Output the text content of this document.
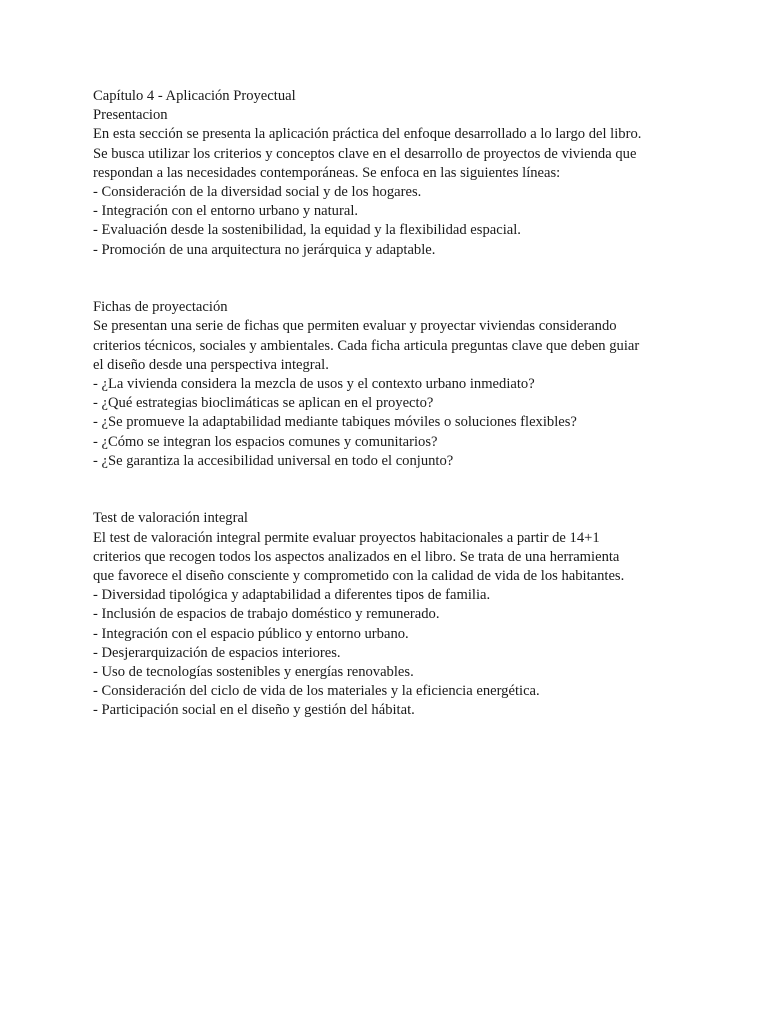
Capítulo 4 - Aplicación Proyectual
Presentacion
En esta sección se presenta la aplicación práctica del enfoque desarrollado a lo largo del libro.
Se busca utilizar los criterios y conceptos clave en el desarrollo de proyectos de vivienda que
respondan a las necesidades contemporáneas. Se enfoca en las siguientes líneas:
- Consideración de la diversidad social y de los hogares.
- Integración con el entorno urbano y natural.
- Evaluación desde la sostenibilidad, la equidad y la flexibilidad espacial.
- Promoción de una arquitectura no jerárquica y adaptable.
Fichas de proyectación
Se presentan una serie de fichas que permiten evaluar y proyectar viviendas considerando
criterios técnicos, sociales y ambientales. Cada ficha articula preguntas clave que deben guiar
el diseño desde una perspectiva integral.
- ¿La vivienda considera la mezcla de usos y el contexto urbano inmediato?
- ¿Qué estrategias bioclimáticas se aplican en el proyecto?
- ¿Se promueve la adaptabilidad mediante tabiques móviles o soluciones flexibles?
- ¿Cómo se integran los espacios comunes y comunitarios?
- ¿Se garantiza la accesibilidad universal en todo el conjunto?
Test de valoración integral
El test de valoración integral permite evaluar proyectos habitacionales a partir de 14+1
criterios que recogen todos los aspectos analizados en el libro. Se trata de una herramienta
que favorece el diseño consciente y comprometido con la calidad de vida de los habitantes.
- Diversidad tipológica y adaptabilidad a diferentes tipos de familia.
- Inclusión de espacios de trabajo doméstico y remunerado.
- Integración con el espacio público y entorno urbano.
- Desjerarquización de espacios interiores.
- Uso de tecnologías sostenibles y energías renovables.
- Consideración del ciclo de vida de los materiales y la eficiencia energética.
- Participación social en el diseño y gestión del hábitat.
